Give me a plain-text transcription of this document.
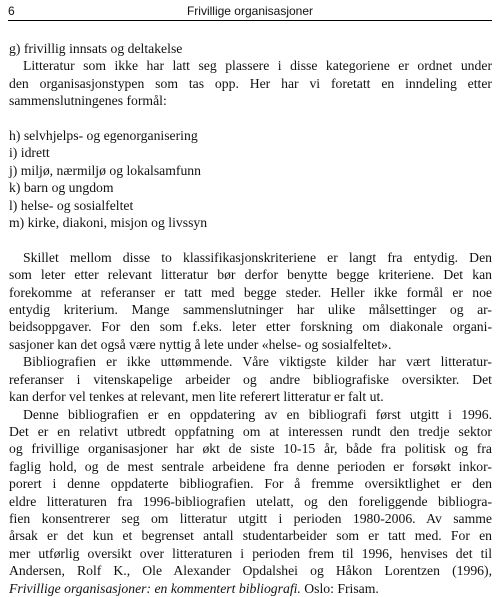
6	Frivillige organisasjoner
g) frivillig innsats og deltakelse

Litteratur som ikke har latt seg plassere i disse kategoriene er ordnet under
den organisasjonstypen som tas opp. Her har vi foretatt en inndeling etter
sammenslutningenes formål:

h) selvhjelps- og egenorganisering
i) idrett
j) miljø, nærmiljø og lokalsamfunn
k) barn og ungdom
l) helse- og sosialfeltet
m) kirke, diakoni, misjon og livssyn

Skillet mellom disse to klassifikasjonskriteriene er langt fra entydig. Den
som leter etter relevant litteratur bør derfor benytte begge kriteriene. Det kan
forekomme at referanser er tatt med begge steder. Heller ikke formål er noe
entydig kriterium. Mange sammenslutninger har ulike målsettinger og ar-
beidsoppgaver. For den som f.eks. leter etter forskning om diakonale organi-
sasjoner kan det også være nyttig å lete under «helse- og sosialfeltet».

Bibliografien er ikke uttømmende. Våre viktigste kilder har vært litteratur-
referanser i vitenskapelige arbeider og andre bibliografiske oversikter. Det
kan derfor vel tenkes at relevant, men lite referert litteratur er falt ut.

Denne bibliografien er en oppdatering av en bibliografi først utgitt i 1996.
Det er en relativt utbredt oppfatning om at interessen rundt den tredje sektor
og frivillige organisasjoner har økt de siste 10-15 år, både fra politisk og fra
faglig hold, og de mest sentrale arbeidene fra denne perioden er forsøkt inkor-
porert i denne oppdaterte bibliografien. For å fremme oversiktlighet er den
eldre litteraturen fra 1996-bibliografien utelatt, og den foreliggende bibliogra-
fien konsentrerer seg om litteratur utgitt i perioden 1980-2006. Av samme
årsak er det kun et begrenset antall studentarbeider som er tatt med. For en
mer utførlig oversikt over litteraturen i perioden frem til 1996, henvises det til
Andersen, Rolf K., Ole Alexander Opdalshei og Håkon Lorentzen (1996),
Frivillige organisasjoner: en kommentert bibliografi. Oslo: Frisam.
